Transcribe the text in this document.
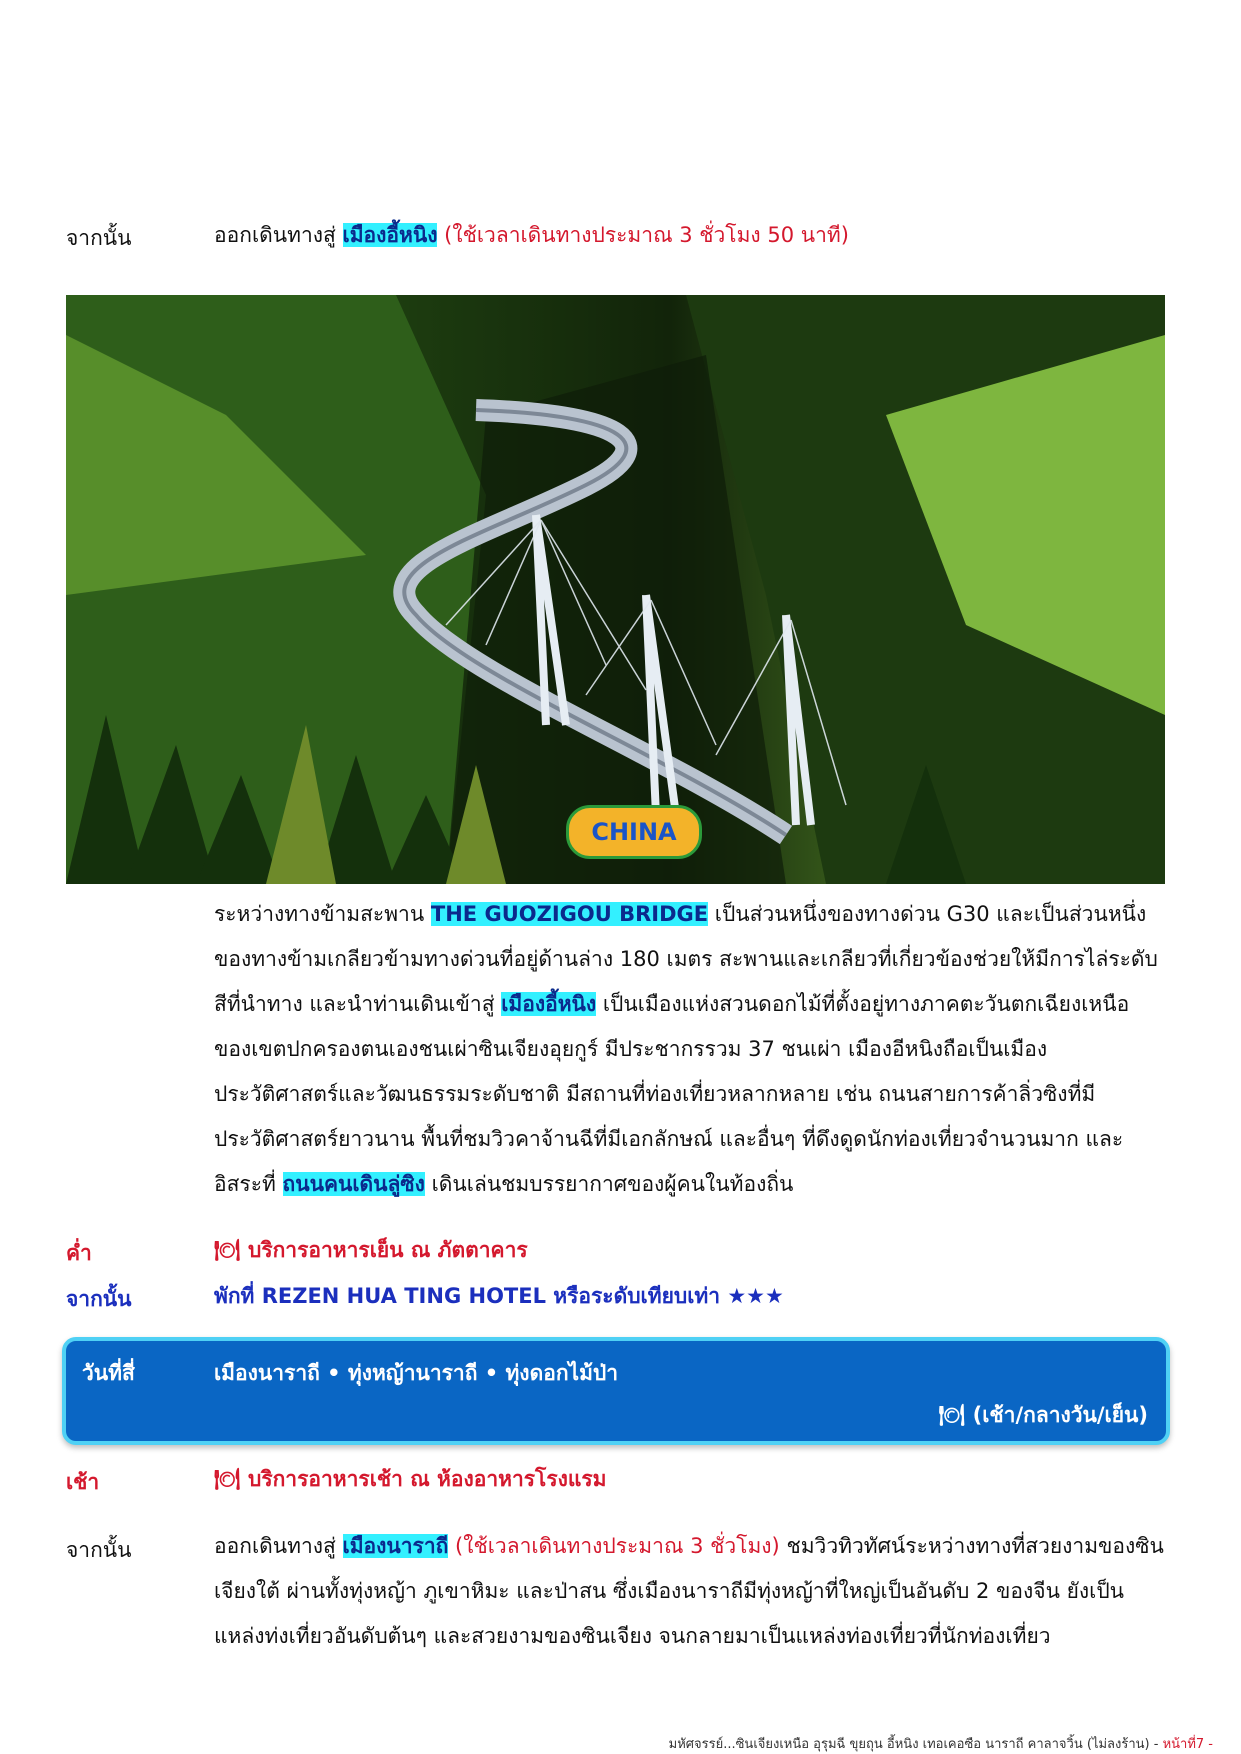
จากนั้น	ออกเดินทางสู่ เมืองอี้หนิง (ใช้เวลาเดินทางประมาณ 3 ชั่วโมง 50 นาที)
CHINA
ระหว่างทางข้ามสะพาน THE GUOZIGOU BRIDGE เป็นส่วนหนึ่งของทางด่วน G30 และเป็นส่วนหนึ่งของทางข้ามเกลียวข้ามทางด่วนที่อยู่ด้านล่าง 180 เมตร สะพานและเกลียวที่เกี่ยวข้องช่วยให้มีการไล่ระดับสีที่นำทาง และนำท่านเดินเข้าสู่ เมืองอี้หนิง เป็นเมืองแห่งสวนดอกไม้ที่ตั้งอยู่ทางภาคตะวันตกเฉียงเหนือของเขตปกครองตนเองชนเผ่าซินเจียงอุยกูร์ มีประชากรรวม 37 ชนเผ่า เมืองอีหนิงถือเป็นเมืองประวัติศาสตร์และวัฒนธรรมระดับชาติ มีสถานที่ท่องเที่ยวหลากหลาย เช่น ถนนสายการค้าลิ่วซิงที่มีประวัติศาสตร์ยาวนาน พื้นที่ชมวิวคาจ้านฉีที่มีเอกลักษณ์ และอื่นๆ ที่ดึงดูดนักท่องเที่ยวจำนวนมาก และอิสระที่ ถนนคนเดินลู่ซิง เดินเล่นชมบรรยากาศของผู้คนในท้องถิ่น
ค่ำ	🍽 บริการอาหารเย็น ณ ภัตตาคาร
จากนั้น	พักที่ REZEN HUA TING HOTEL หรือระดับเทียบเท่า ★★★
วันที่สี่	เมืองนาราถี • ทุ่งหญ้านาราถี • ทุ่งดอกไม้ป่า
🍽 (เช้า/กลางวัน/เย็น)
เช้า	🍽 บริการอาหารเช้า ณ ห้องอาหารโรงแรม
จากนั้น	ออกเดินทางสู่ เมืองนาราถี (ใช้เวลาเดินทางประมาณ 3 ชั่วโมง) ชมวิวทิวทัศน์ระหว่างทางที่สวยงามของซินเจียงใต้ ผ่านทั้งทุ่งหญ้า ภูเขาหิมะ และป่าสน ซึ่งเมืองนาราถีมีทุ่งหญ้าที่ใหญ่เป็นอันดับ 2 ของจีน ยังเป็นแหล่งท่งเที่ยวอันดับต้นๆ และสวยงามของซินเจียง จนกลายมาเป็นแหล่งท่องเที่ยวที่นักท่องเที่ยว
มหัศจรรย์...ซินเจียงเหนือ อุรุมฉี ขุยถุน อี้หนิง เทอเคอซือ นาราถี คาลาจวิ้น (ไม่ลงร้าน) - หน้าที่7 -
